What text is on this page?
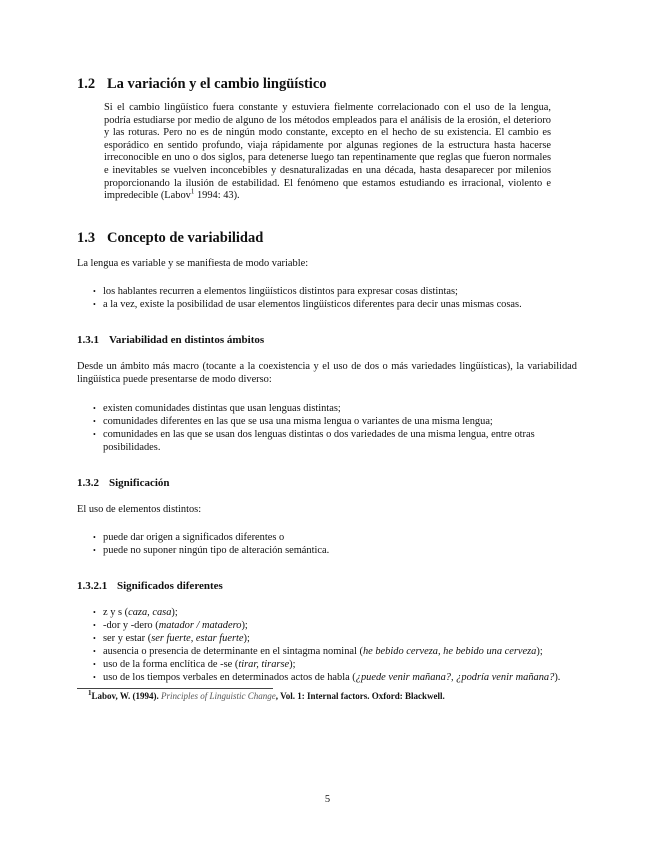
1.2 La variación y el cambio lingüístico

Si el cambio lingüístico fuera constante y estuviera fielmente correlacionado con el uso de la lengua, podría estudiarse por medio de alguno de los métodos empleados para el análisis de la erosión, el deterioro y las roturas. Pero no es de ningún modo constante, excepto en el hecho de su existencia. El cambio es esporádico en sentido profundo, viaja rápidamente por algunas regiones de la estructura hasta hacerse irreconocible en uno o dos siglos, para detenerse luego tan repentinamente que reglas que fueron normales e inevitables se vuelven inconcebibles y desnaturalizadas en una década, hasta desaparecer por milenios proporcionando la ilusión de estabilidad. El fenómeno que estamos estudiando es irracional, violento e impredecible (Labov$^1$ 1994: 43).

1.3 Concepto de variabilidad

La lengua es variable y se manifiesta de modo variable:

• los hablantes recurren a elementos lingüísticos distintos para expresar cosas distintas;
• a la vez, existe la posibilidad de usar elementos lingüísticos diferentes para decir unas mismas cosas.
1.3.1 Variabilidad en distintos ámbitos

Desde un ámbito más macro (tocante a la coexistencia y el uso de dos o más variedades lingüísticas), la variabilidad lingüística puede presentarse de modo diverso:

• existen comunidades distintas que usan lenguas distintas;
• comunidades diferentes en las que se usa una misma lengua o variantes de una misma lengua;
• comunidades en las que se usan dos lenguas distintas o dos variedades de una misma lengua, entre otras posibilidades.
1.3.2 Significación

El uso de elementos distintos:

• puede dar origen a significados diferentes o
• puede no suponer ningún tipo de alteración semántica.
1.3.2.1 Significados diferentes
• z y s (caza, casa);
• -dor y -dero (matador / matadero);
• ser y estar (ser fuerte, estar fuerte);
• ausencia o presencia de determinante en el sintagma nominal (he bebido cerveza, he bebido una cerveza);
• uso de la forma enclítica de -se (tirar, tirarse);
• uso de los tiempos verbales en determinados actos de habla (¿puede venir mañana?, ¿podría venir mañana?).

$^1$Labov, W. (1994). Principles of Linguistic Change, Vol. 1: Internal factors. Oxford: Blackwell.

5
